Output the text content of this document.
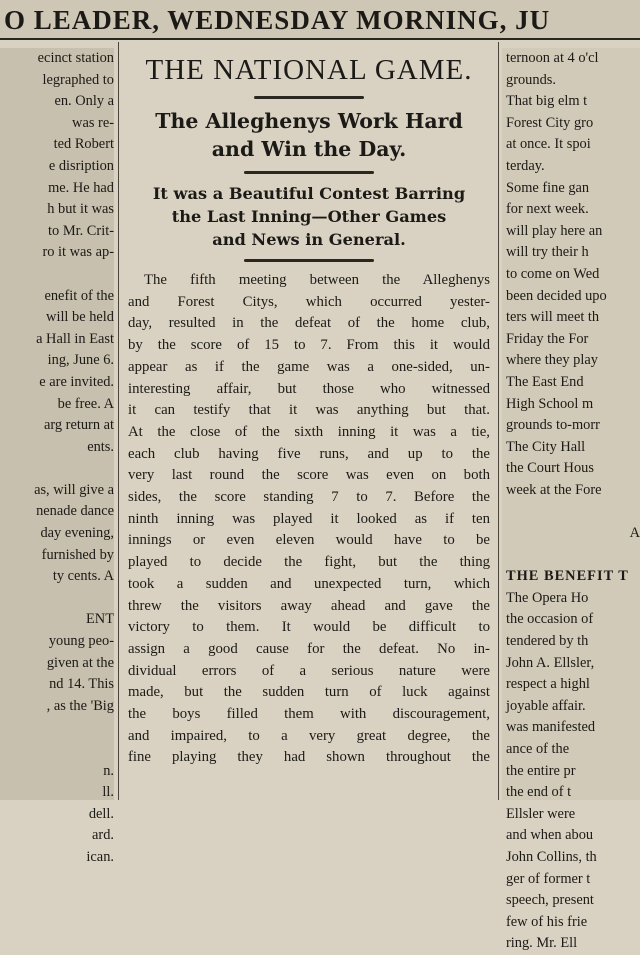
O LEADER, WEDNESDAY MORNING, JU
ecinct station
legraphed to
en. Only a
was re-
ted Robert
e disription
me. He had
h but it was
to Mr. Crit-
ro it was ap-

enefit of the
will be held
a Hall in East
ing, June 6.
e are invited.
be free. A
arg return at
ents.

as, will give a
nenade dance
day evening,
furnished by
ty cents. A

ENT
young peo-
given at the
nd 14. This
, as the 'Big

n.
ll.
dell.
ard.
ican.
THE NATIONAL GAME.
The Alleghenys Work Hard
and Win the Day.
It was a Beautiful Contest Barring
the Last Inning—Other Games
and News in General.
The fifth meeting between the Alleghenys
and Forest Citys, which occurred yester-
day, resulted in the defeat of the home club,
by the score of 15 to 7. From this it would
appear as if the game was a one-sided, un-
interesting affair, but those who witnessed
it can testify that it was anything but that.
At the close of the sixth inning it was a tie,
each club having five runs, and up to the
very last round the score was even on both
sides, the score standing 7 to 7. Before the
ninth inning was played it looked as if ten
innings or even eleven would have to be
played to decide the fight, but the thing
took a sudden and unexpected turn, which
threw the visitors away ahead and gave the
victory to them. It would be difficult to
assign a good cause for the defeat. No in-
dividual errors of a serious nature were
made, but the sudden turn of luck against
the boys filled them with discouragement,
and impaired, to a very great degree, the
fine playing they had shown throughout the
ternoon at 4 o'cl
grounds.
That big elm t
Forest City gro
at once. It spoi
terday.
Some fine gan
for next week.
will play here an
will try their h
to come on Wed
been decided upo
ters will meet th
Friday the For
where they play
The East End
High School m
grounds to-morr
The City Hall
the Court Hous
week at the Fore

A

THE BENEFIT T
The Opera Ho
the occasion of
tendered by th
John A. Ellsler,
respect a highl
joyable affair.
was manifested
ance of the
the entire pr
the end of t
Ellsler were
and when abou
John Collins, th
ger of former t
speech, present
few of his frie
ring. Mr. Ell
